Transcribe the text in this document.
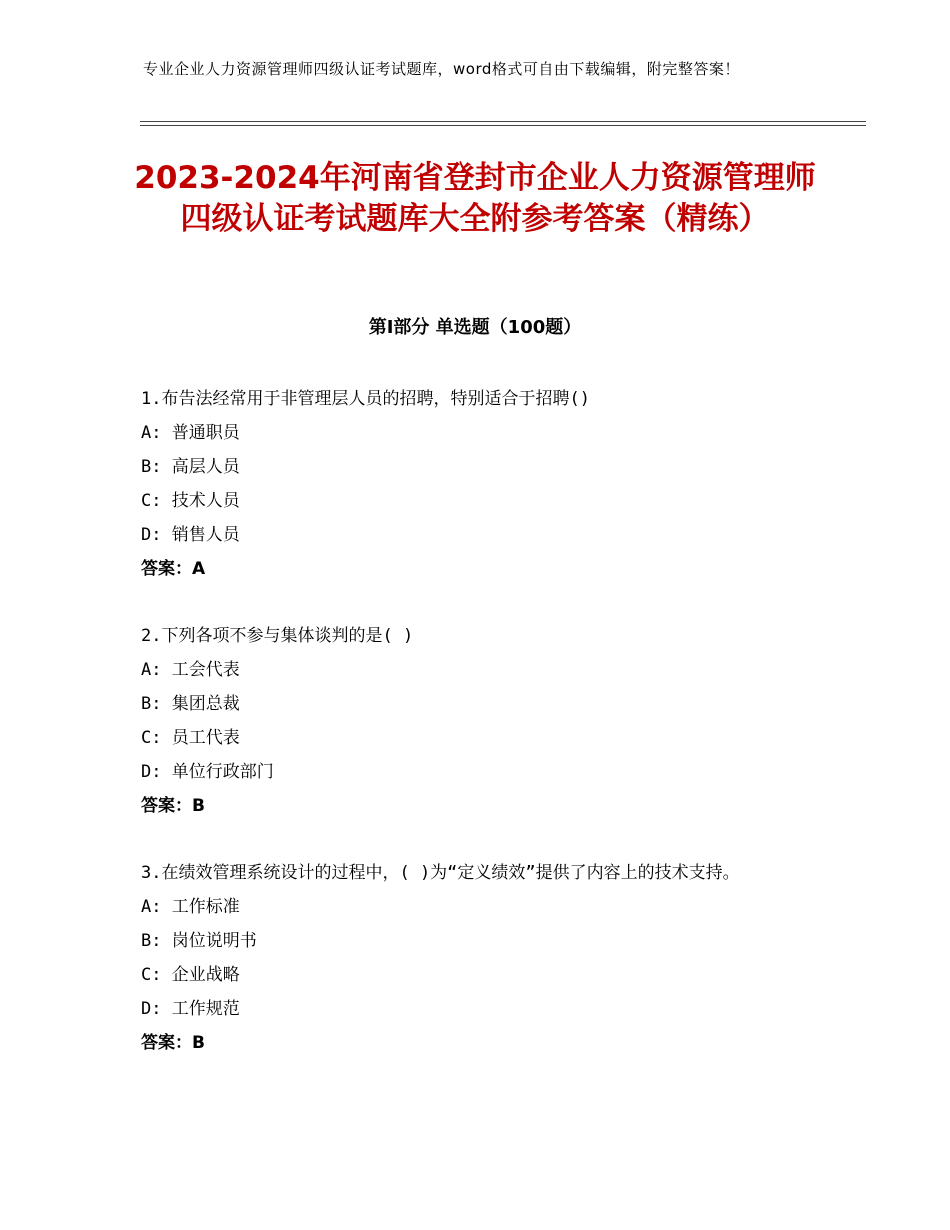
专业企业人力资源管理师四级认证考试题库，word格式可自由下载编辑，附完整答案！
2023-2024年河南省登封市企业人力资源管理师四级认证考试题库大全附参考答案（精练）
第Ⅰ部分 单选题（100题）

1.布告法经常用于非管理层人员的招聘，特别适合于招聘()

A: 普通职员

B: 高层人员

C: 技术人员

D: 销售人员

答案：A

2.下列各项不参与集体谈判的是( )

A: 工会代表

B: 集团总裁

C: 员工代表

D: 单位行政部门

答案：B

3.在绩效管理系统设计的过程中，( )为“定义绩效”提供了内容上的技术支持。

A: 工作标准

B: 岗位说明书

C: 企业战略

D: 工作规范

答案：B
